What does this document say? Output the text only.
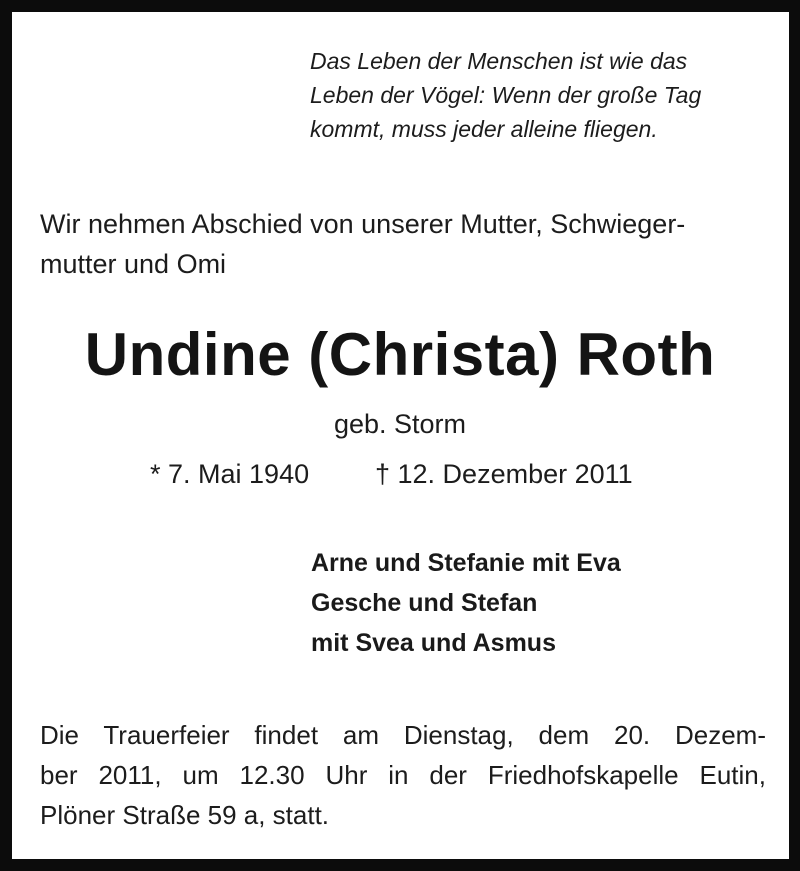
Das Leben der Menschen ist wie das
Leben der Vögel: Wenn der große Tag
kommt, muss jeder alleine fliegen.
Wir nehmen Abschied von unserer Mutter, Schwieger-
mutter und Omi
Undine (Christa) Roth
geb. Storm
* 7. Mai 1940 † 12. Dezember 2011
Arne und Stefanie mit Eva
Gesche und Stefan
mit Svea und Asmus
Die Trauerfeier findet am Dienstag, dem 20. Dezem-
ber 2011, um 12.30 Uhr in der Friedhofskapelle Eutin,
Plöner Straße 59 a, statt.
